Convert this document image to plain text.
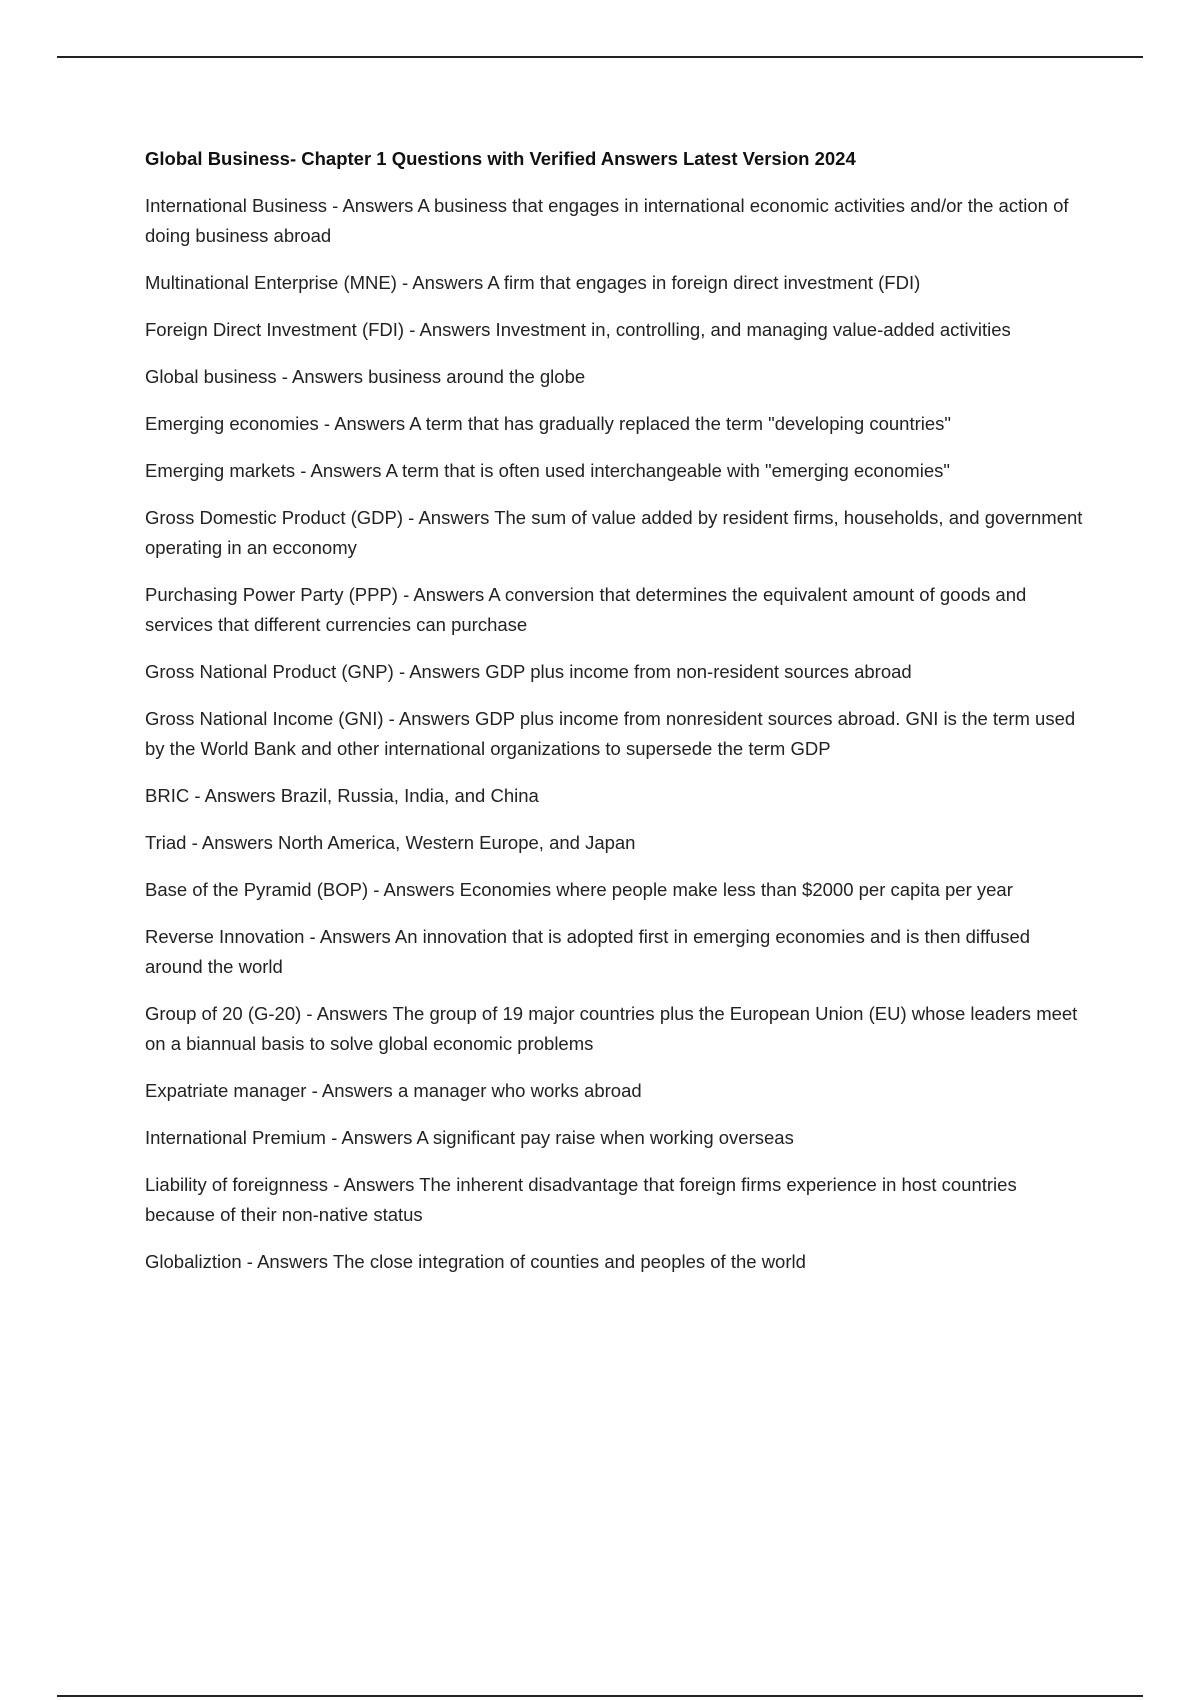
Global Business- Chapter 1 Questions with Verified Answers Latest Version 2024
International Business - Answers A business that engages in international economic activities and/or the action of doing business abroad
Multinational Enterprise (MNE) - Answers A firm that engages in foreign direct investment (FDI)
Foreign Direct Investment (FDI) - Answers Investment in, controlling, and managing value-added activities
Global business - Answers business around the globe
Emerging economies - Answers A term that has gradually replaced the term "developing countries"
Emerging markets - Answers A term that is often used interchangeable with "emerging economies"
Gross Domestic Product (GDP) - Answers The sum of value added by resident firms, households, and government operating in an ecconomy
Purchasing Power Party (PPP) - Answers A conversion that determines the equivalent amount of goods and services that different currencies can purchase
Gross National Product (GNP) - Answers GDP plus income from non-resident sources abroad
Gross National Income (GNI) - Answers GDP plus income from nonresident sources abroad. GNI is the term used by the World Bank and other international organizations to supersede the term GDP
BRIC - Answers Brazil, Russia, India, and China
Triad - Answers North America, Western Europe, and Japan
Base of the Pyramid (BOP) - Answers Economies where people make less than $2000 per capita per year
Reverse Innovation - Answers An innovation that is adopted first in emerging economies and is then diffused around the world
Group of 20 (G-20) - Answers The group of 19 major countries plus the European Union (EU) whose leaders meet on a biannual basis to solve global economic problems
Expatriate manager - Answers a manager who works abroad
International Premium - Answers A significant pay raise when working overseas
Liability of foreignness - Answers The inherent disadvantage that foreign firms experience in host countries because of their non-native status
Globaliztion - Answers The close integration of counties and peoples of the world
